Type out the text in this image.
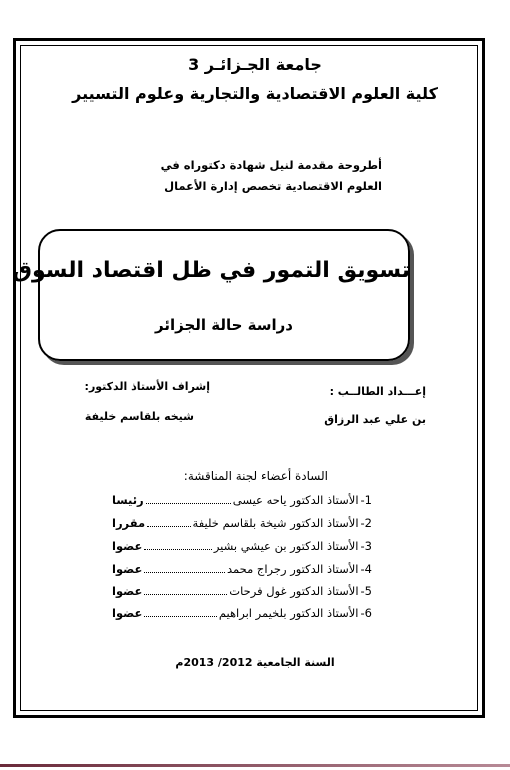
جامعة الجـزائـر 3
كلية العلوم الاقتصادية والتجارية وعلوم التسيير
أطروحة مقدمة لنيل شهادة دكتوراه في
العلوم الاقتصادية تخصص إدارة الأعمال
تسويق التمور في ظل اقتصاد السوق
دراسة حالة الجزائر
إعـــداد الطالــب :
بن علي عبد الرزاق
إشراف الأستاذ الدكتور:
شيخه بلقاسم خليفة
السادة أعضاء لجنة المناقشة:
1-
الأستاذ الدكتور ياحه عيسى
رئيسا
2-
الأستاذ الدكتور شيخة بلقاسم خليفة
مقررا
3-
الأستاذ الدكتور بن عيشي بشير
عضوا
4-
الأستاذ الدكتور رجراج محمد
عضوا
5-
الأستاذ الدكتور غول فرحات
عضوا
6-
الأستاذ الدكتور بلخيمر ابراهيم
عضوا
السنة الجامعية 2012/ 2013م
